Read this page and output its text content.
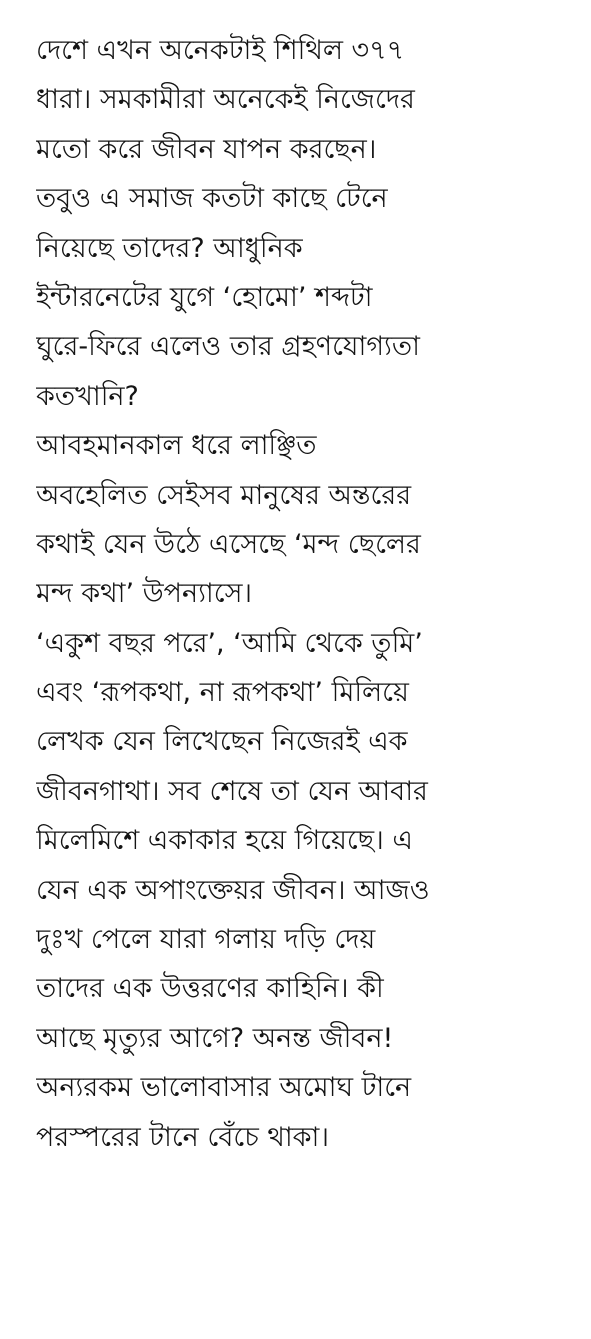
দেশে এখন অনেকটাই শিথিল ৩৭৭
ধারা। সমকামীরা অনেকেই নিজেদের
মতো করে জীবন যাপন করছেন।
তবুও এ সমাজ কতটা কাছে টেনে
নিয়েছে তাদের? আধুনিক
ইন্টারনেটের যুগে ‘হোমো’ শব্দটা
ঘুরে-ফিরে এলেও তার গ্রহণযোগ্যতা
কতখানি?
আবহমানকাল ধরে লাঞ্ছিত
অবহেলিত সেইসব মানুষের অন্তরের
কথাই যেন উঠে এসেছে ‘মন্দ ছেলের
মন্দ কথা’ উপন্যাসে।
‘একুশ বছর পরে’, ‘আমি থেকে তুমি’
এবং ‘রূপকথা, না রূপকথা’ মিলিয়ে
লেখক যেন লিখেছেন নিজেরই এক
জীবনগাথা। সব শেষে তা যেন আবার
মিলেমিশে একাকার হয়ে গিয়েছে। এ
যেন এক অপাংক্তেয়র জীবন। আজও
দুঃখ পেলে যারা গলায় দড়ি দেয়
তাদের এক উত্তরণের কাহিনি। কী
আছে মৃত্যুর আগে? অনন্ত জীবন!
অন্যরকম ভালোবাসার অমোঘ টানে
পরস্পরের টানে বেঁচে থাকা।
